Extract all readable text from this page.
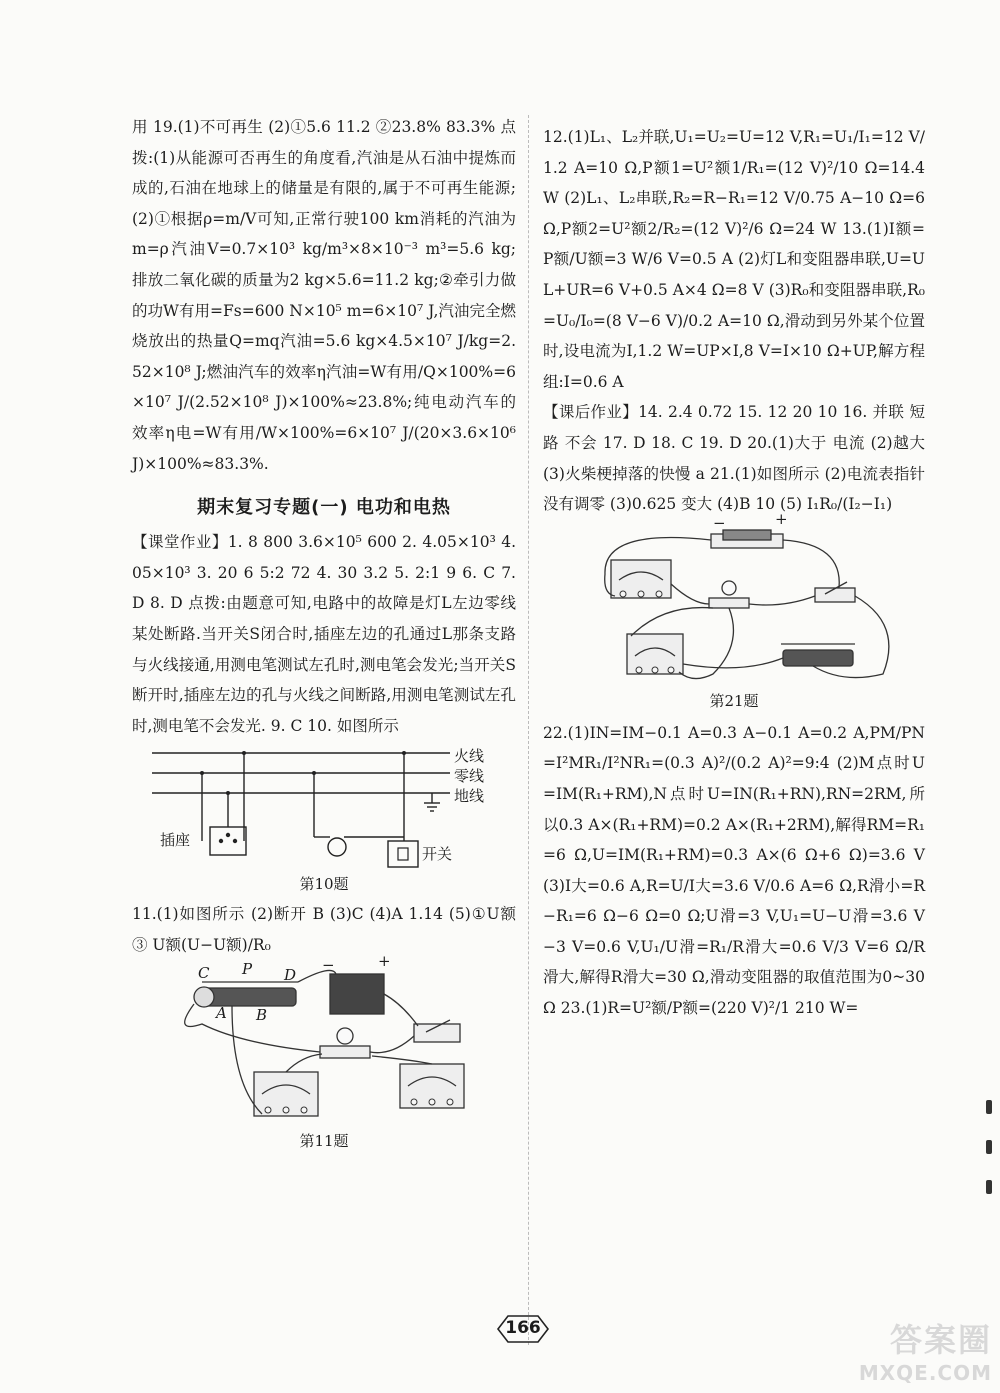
用 19.(1)不可再生 (2)①5.6 11.2 ②23.8% 83.3% 点拨:(1)从能源可否再生的角度看,汽油是从石油中提炼而成的,石油在地球上的储量是有限的,属于不可再生能源;(2)①根据ρ=m/V可知,正常行驶100 km消耗的汽油为m=ρ汽油V=0.7×10³ kg/m³×8×10⁻³ m³=5.6 kg;排放二氧化碳的质量为2 kg×5.6=11.2 kg;②牵引力做的功W有用=Fs=600 N×10⁵ m=6×10⁷ J,汽油完全燃烧放出的热量Q=mq汽油=5.6 kg×4.5×10⁷ J/kg=2.52×10⁸ J;燃油汽车的效率η汽油=W有用/Q×100%=6×10⁷ J/(2.52×10⁸ J)×100%≈23.8%;纯电动汽车的效率η电=W有用/W×100%=6×10⁷ J/(20×3.6×10⁶ J)×100%≈83.3%.

期末复习专题(一) 电功和电热

【课堂作业】1. 8 800 3.6×10⁵ 600 2. 4.05×10³ 4.05×10³ 3. 20 6 5:2 72 4. 30 3.2 5. 2:1 9 6. C 7. D 8. D 点拨:由题意可知,电路中的故障是灯L左边零线某处断路.当开关S闭合时,插座左边的孔通过L那条支路与火线接通,用测电笔测试左孔时,测电笔会发光;当开关S断开时,插座左边的孔与火线之间断路,用测电笔测试左孔时,测电笔不会发光. 9. C 10. 如图所示

火线
零线
地线
插座
开关
第10题

11.(1)如图所示 (2)断开 B (3)C (4)A 1.14 (5)①U额 ③ U额(U−U额)/R₀

C P D
A B
−	+
第11题

12.(1)L₁、L₂并联,U₁=U₂=U=12 V,R₁=U₁/I₁=12 V/1.2 A=10 Ω,P额1=U²额1/R₁=(12 V)²/10 Ω=14.4 W (2)L₁、L₂串联,R₂=R−R₁=12 V/0.75 A−10 Ω=6 Ω,P额2=U²额2/R₂=(12 V)²/6 Ω=24 W 13.(1)I额=P额/U额=3 W/6 V=0.5 A (2)灯L和变阻器串联,U=UL+UR=6 V+0.5 A×4 Ω=8 V (3)R₀和变阻器串联,R₀=U₀/I₀=(8 V−6 V)/0.2 A=10 Ω,滑动到另外某个位置时,设电流为I,1.2 W=UP×I,8 V=I×10 Ω+UP,解方程组:I=0.6 A

【课后作业】14. 2.4 0.72 15. 12 20 10 16. 并联 短路 不会 17. D 18. C 19. D 20.(1)大于 电流 (2)越大 (3)火柴梗掉落的快慢 a 21.(1)如图所示 (2)电流表指针没有调零 (3)0.625 变大 (4)B 10 (5) I₁R₀/(I₂−I₁)

−	+
第21题

22.(1)IN=IM−0.1 A=0.3 A−0.1 A=0.2 A,PM/PN=I²MR₁/I²NR₁=(0.3 A)²/(0.2 A)²=9:4 (2)M点时U=IM(R₁+RM),N点时U=IN(R₁+RN),RN=2RM,所以0.3 A×(R₁+RM)=0.2 A×(R₁+2RM),解得RM=R₁=6 Ω,U=IM(R₁+RM)=0.3 A×(6 Ω+6 Ω)=3.6 V (3)I大=0.6 A,R=U/I大=3.6 V/0.6 A=6 Ω,R滑小=R−R₁=6 Ω−6 Ω=0 Ω;U滑=3 V,U₁=U−U滑=3.6 V−3 V=0.6 V,U₁/U滑=R₁/R滑大=0.6 V/3 V=6 Ω/R滑大,解得R滑大=30 Ω,滑动变阻器的取值范围为0~30 Ω 23.(1)R=U²额/P额=(220 V)²/1 210 W=

166	答案圈
MXQE.COM
